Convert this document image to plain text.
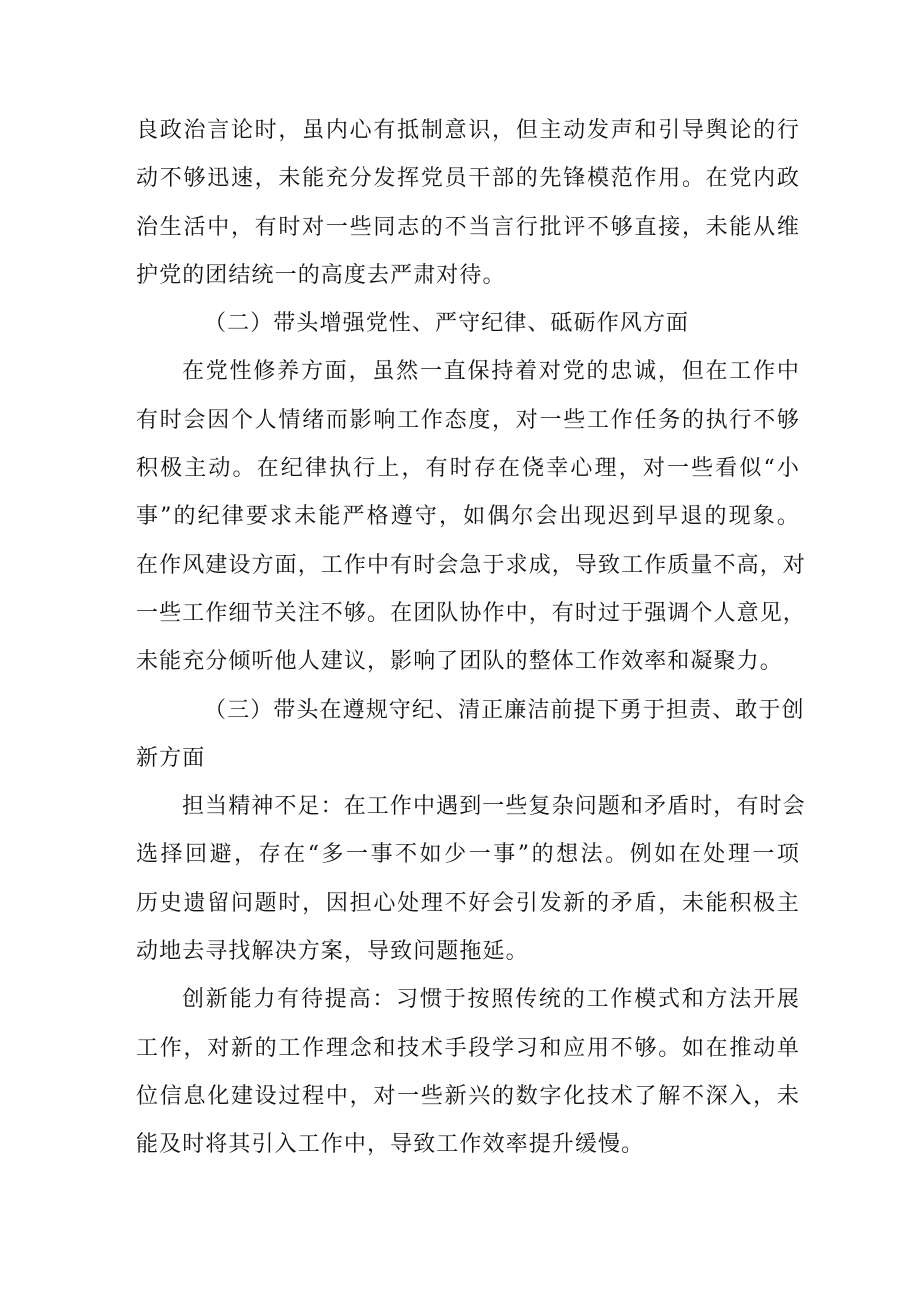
良政治言论时，虽内心有抵制意识，但主动发声和引导舆论的行
动不够迅速，未能充分发挥党员干部的先锋模范作用。在党内政
治生活中，有时对一些同志的不当言行批评不够直接，未能从维
护党的团结统一的高度去严肃对待。
（二）带头增强党性、严守纪律、砥砺作风方面
在党性修养方面，虽然一直保持着对党的忠诚，但在工作中
有时会因个人情绪而影响工作态度，对一些工作任务的执行不够
积极主动。在纪律执行上，有时存在侥幸心理，对一些看似“小
事”的纪律要求未能严格遵守，如偶尔会出现迟到早退的现象。
在作风建设方面，工作中有时会急于求成，导致工作质量不高，对
一些工作细节关注不够。在团队协作中，有时过于强调个人意见，
未能充分倾听他人建议，影响了团队的整体工作效率和凝聚力。
（三）带头在遵规守纪、清正廉洁前提下勇于担责、敢于创
新方面
担当精神不足：在工作中遇到一些复杂问题和矛盾时，有时会
选择回避，存在“多一事不如少一事”的想法。例如在处理一项
历史遗留问题时，因担心处理不好会引发新的矛盾，未能积极主
动地去寻找解决方案，导致问题拖延。
创新能力有待提高：习惯于按照传统的工作模式和方法开展
工作，对新的工作理念和技术手段学习和应用不够。如在推动单
位信息化建设过程中，对一些新兴的数字化技术了解不深入，未
能及时将其引入工作中，导致工作效率提升缓慢。
